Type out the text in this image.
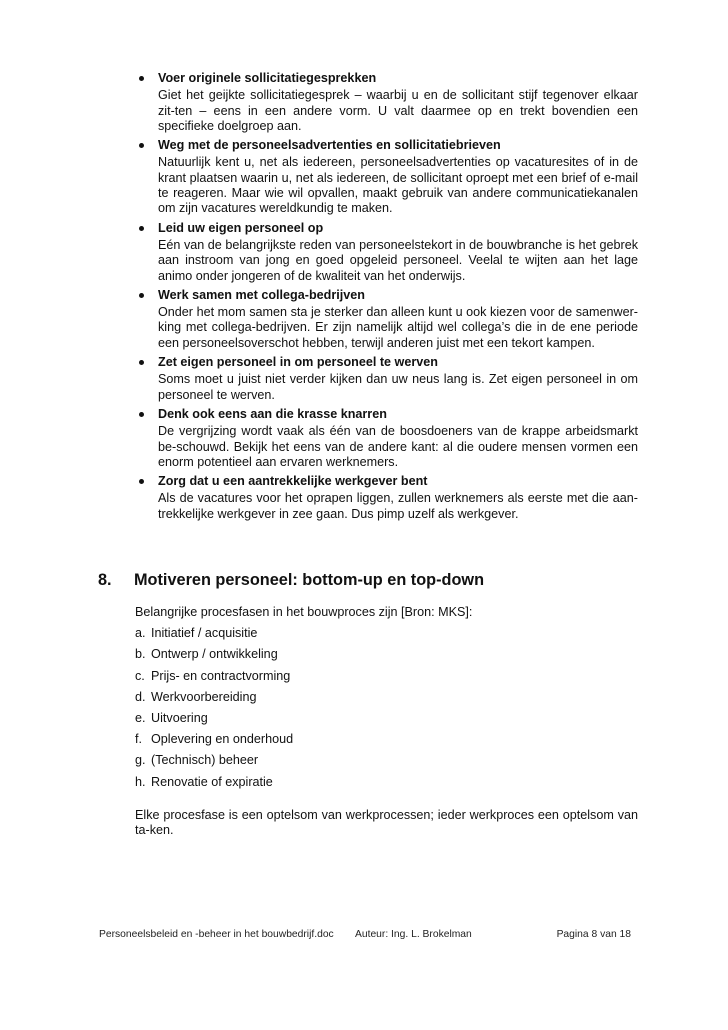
Voer originele sollicitatiegesprekken
Giet het geijkte sollicitatiegesprek – waarbij u en de sollicitant stijf tegenover elkaar zit-ten – eens in een andere vorm. U valt daarmee op en trekt bovendien een specifieke doelgroep aan.
Weg met de personeelsadvertenties en sollicitatiebrieven
Natuurlijk kent u, net als iedereen, personeelsadvertenties op vacaturesites of in de krant plaatsen waarin u, net als iedereen, de sollicitant oproept met een brief of e-mail te reageren. Maar wie wil opvallen, maakt gebruik van andere communicatiekanalen om zijn vacatures wereldkundig te maken.
Leid uw eigen personeel op
Eén van de belangrijkste reden van personeelstekort in de bouwbranche is het gebrek aan instroom van jong en goed opgeleid personeel. Veelal te wijten aan het lage animo onder jongeren of de kwaliteit van het onderwijs.
Werk samen met collega-bedrijven
Onder het mom samen sta je sterker dan alleen kunt u ook kiezen voor de samenwer-king met collega-bedrijven. Er zijn namelijk altijd wel collega’s die in de ene periode een personeelsoverschot hebben, terwijl anderen juist met een tekort kampen.
Zet eigen personeel in om personeel te werven
Soms moet u juist niet verder kijken dan uw neus lang is. Zet eigen personeel in om personeel te werven.
Denk ook eens aan die krasse knarren
De vergrijzing wordt vaak als één van de boosdoeners van de krappe arbeidsmarkt be-schouwd. Bekijk het eens van de andere kant: al die oudere mensen vormen een enorm potentieel aan ervaren werknemers.
Zorg dat u een aantrekkelijke werkgever bent
Als de vacatures voor het oprapen liggen, zullen werknemers als eerste met die aan-trekkelijke werkgever in zee gaan. Dus pimp uzelf als werkgever.
8.	Motiveren personeel: bottom-up en top-down
Belangrijke procesfasen in het bouwproces zijn [Bron: MKS]:
a. Initiatief / acquisitie
b. Ontwerp / ontwikkeling
c. Prijs- en contractvorming
d. Werkvoorbereiding
e. Uitvoering
f. Oplevering en onderhoud
g. (Technisch) beheer
h. Renovatie of expiratie
Elke procesfase is een optelsom van werkprocessen; ieder werkproces een optelsom van ta-ken.
Personeelsbeleid en -beheer in het bouwbedrijf.doc Auteur: Ing. L. Brokelman	Pagina 8 van 18
